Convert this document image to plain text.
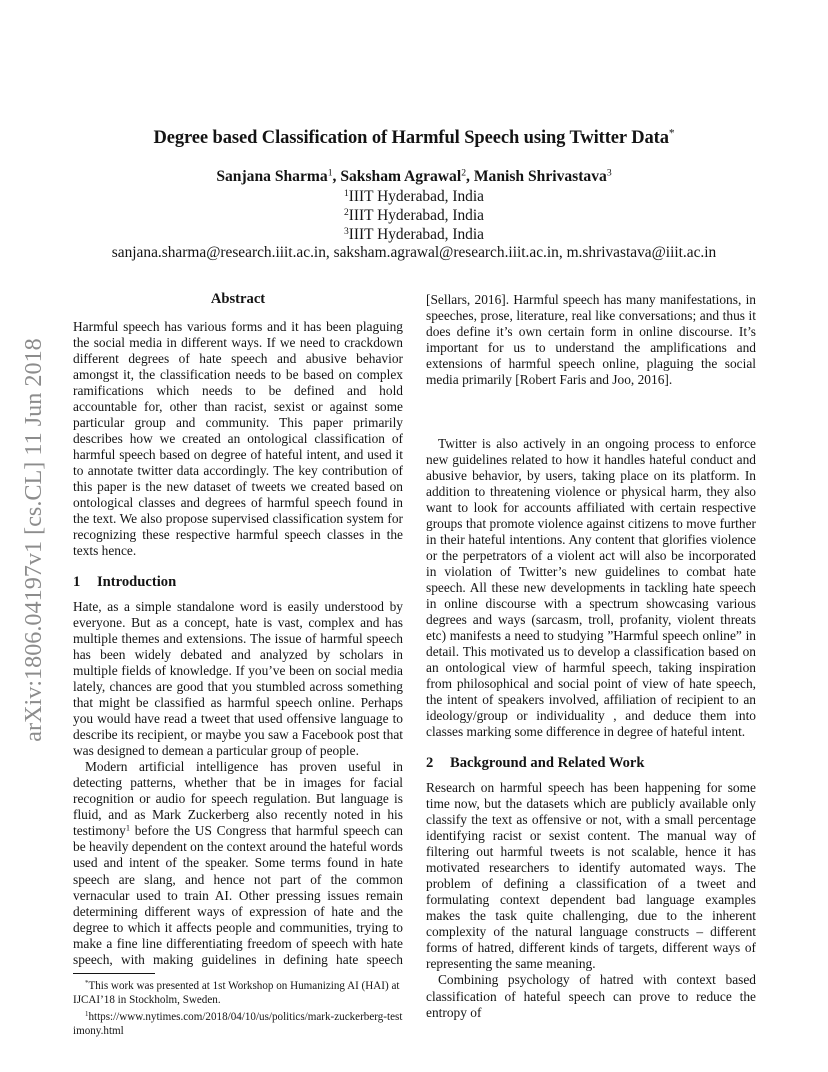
arXiv:1806.04197v1 [cs.CL] 11 Jun 2018
Degree based Classification of Harmful Speech using Twitter Data*
Sanjana Sharma$^1$, Saksham Agrawal$^2$, Manish Shrivastava$^3$
$^1$IIIT Hyderabad, India
$^2$IIIT Hyderabad, India
$^3$IIIT Hyderabad, India
sanjana.sharma@research.iiit.ac.in, saksham.agrawal@research.iiit.ac.in, m.shrivastava@iiit.ac.in
Abstract

Harmful speech has various forms and it has been plaguing the social media in different ways. If we need to crackdown different degrees of hate speech and abusive behavior amongst it, the classification needs to be based on complex ramifications which needs to be defined and hold accountable for, other than racist, sexist or against some particular group and community. This paper primarily describes how we created an ontological classification of harmful speech based on degree of hateful intent, and used it to annotate twitter data accordingly. The key contribution of this paper is the new dataset of tweets we created based on ontological classes and degrees of harmful speech found in the text. We also propose supervised classification system for recognizing these respective harmful speech classes in the texts hence.

1 Introduction

Hate, as a simple standalone word is easily understood by everyone. But as a concept, hate is vast, complex and has multiple themes and extensions. The issue of harmful speech has been widely debated and analyzed by scholars in multiple fields of knowledge. If you’ve been on social media lately, chances are good that you stumbled across something that might be classified as harmful speech online. Perhaps you would have read a tweet that used offensive language to describe its recipient, or maybe you saw a Facebook post that was designed to demean a particular group of people.

Modern artificial intelligence has proven useful in detecting patterns, whether that be in images for facial recognition or audio for speech regulation. But language is fluid, and as Mark Zuckerberg also recently noted in his testimony$^1$ before the US Congress that harmful speech can be heavily dependent on the context around the hateful words used and intent of the speaker. Some terms found in hate speech are slang, and hence not part of the common vernacular used to train AI. Other pressing issues remain determining different ways of expression of hate and the degree to which it affects people and communities, trying to make a fine line differentiating freedom of speech with hate speech, with making guidelines in defining hate speech

*This work was presented at 1st Workshop on Humanizing AI (HAI) at IJCAI’18 in Stockholm, Sweden.

$^1$https://www.nytimes.com/2018/04/10/us/politics/mark-zuckerberg-testimony.html

[Sellars, 2016]. Harmful speech has many manifestations, in speeches, prose, literature, real like conversations; and thus it does define it’s own certain form in online discourse. It’s important for us to understand the amplifications and extensions of harmful speech online, plaguing the social media primarily [Robert Faris and Joo, 2016].

Twitter is also actively in an ongoing process to enforce new guidelines related to how it handles hateful conduct and abusive behavior, by users, taking place on its platform. In addition to threatening violence or physical harm, they also want to look for accounts affiliated with certain respective groups that promote violence against citizens to move further in their hateful intentions. Any content that glorifies violence or the perpetrators of a violent act will also be incorporated in violation of Twitter’s new guidelines to combat hate speech. All these new developments in tackling hate speech in online discourse with a spectrum showcasing various degrees and ways (sarcasm, troll, profanity, violent threats etc) manifests a need to studying ”Harmful speech online” in detail. This motivated us to develop a classification based on an ontological view of harmful speech, taking inspiration from philosophical and social point of view of hate speech, the intent of speakers involved, affiliation of recipient to an ideology/group or individuality , and deduce them into classes marking some difference in degree of hateful intent.

2 Background and Related Work

Research on harmful speech has been happening for some time now, but the datasets which are publicly available only classify the text as offensive or not, with a small percentage identifying racist or sexist content. The manual way of filtering out harmful tweets is not scalable, hence it has motivated researchers to identify automated ways. The problem of defining a classification of a tweet and formulating context dependent bad language examples makes the task quite challenging, due to the inherent complexity of the natural language constructs – different forms of hatred, different kinds of targets, different ways of representing the same meaning.

Combining psychology of hatred with context based classification of hateful speech can prove to reduce the entropy of
